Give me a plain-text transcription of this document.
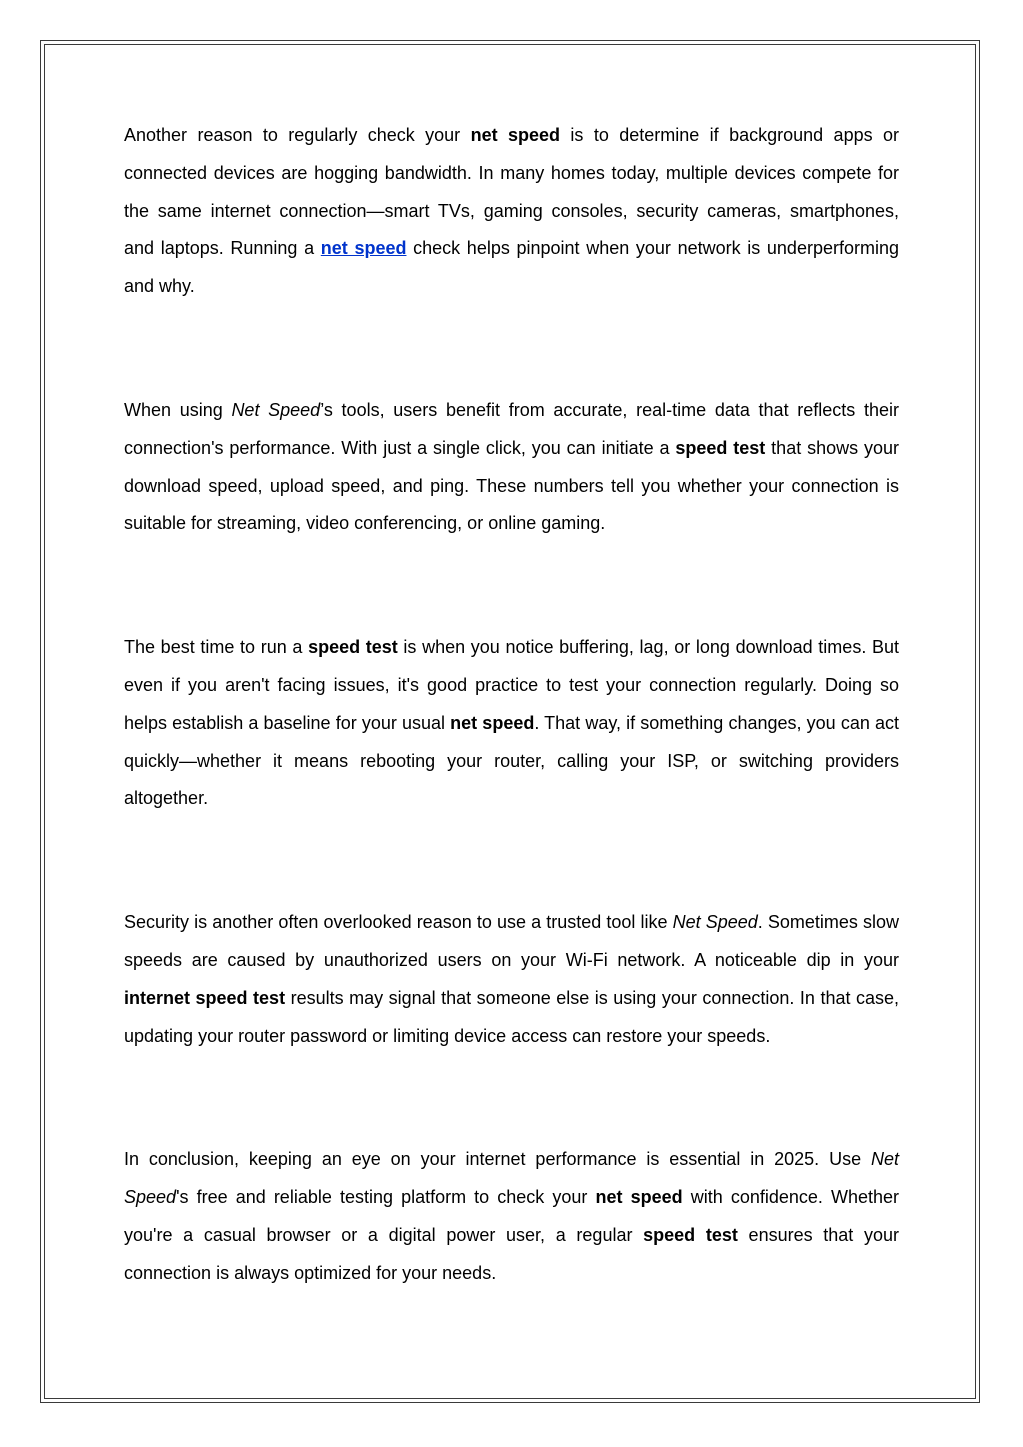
Another reason to regularly check your net speed is to determine if background apps or connected devices are hogging bandwidth. In many homes today, multiple devices compete for the same internet connection—smart TVs, gaming consoles, security cameras, smartphones, and laptops. Running a net speed check helps pinpoint when your network is underperforming and why.

When using Net Speed’s tools, users benefit from accurate, real-time data that reflects their connection's performance. With just a single click, you can initiate a speed test that shows your download speed, upload speed, and ping. These numbers tell you whether your connection is suitable for streaming, video conferencing, or online gaming.

The best time to run a speed test is when you notice buffering, lag, or long download times. But even if you aren't facing issues, it's good practice to test your connection regularly. Doing so helps establish a baseline for your usual net speed. That way, if something changes, you can act quickly—whether it means rebooting your router, calling your ISP, or switching providers altogether.

Security is another often overlooked reason to use a trusted tool like Net Speed. Sometimes slow speeds are caused by unauthorized users on your Wi-Fi network. A noticeable dip in your internet speed test results may signal that someone else is using your connection. In that case, updating your router password or limiting device access can restore your speeds.

In conclusion, keeping an eye on your internet performance is essential in 2025. Use Net Speed's free and reliable testing platform to check your net speed with confidence. Whether you're a casual browser or a digital power user, a regular speed test ensures that your connection is always optimized for your needs.
